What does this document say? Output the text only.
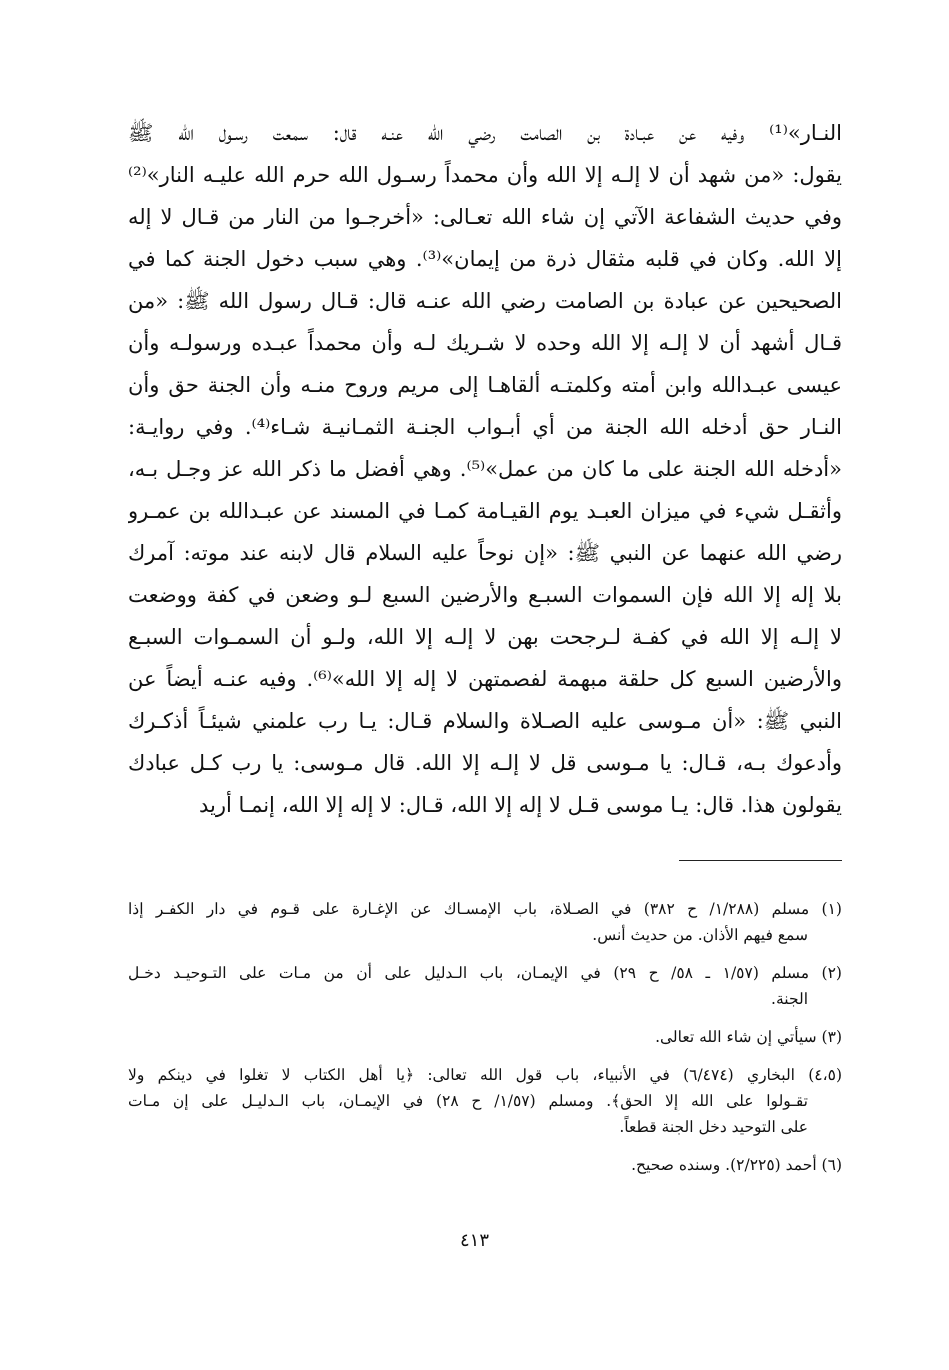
النـار»⁽¹⁾ وفيه عن عبـادة بن الصامت رضي الله عنـه قال: سمعت رسـول الله ﷺ
يقول: «من شهد أن لا إلـه إلا الله وأن محمداً رسـول الله حرم الله عليـه النار»⁽²⁾
وفي حديث الشفاعة الآتي إن شاء الله تعـالى: «أخرجـوا من النار من قـال لا إله
إلا الله. وكان في قلبه مثقال ذرة من إيمان»⁽³⁾. وهي سبب دخول الجنة كما في
الصحيحين عن عبادة بن الصامت رضي الله عنـه قال: قـال رسول الله ﷺ: «من
قـال أشهد أن لا إلـه إلا الله وحده لا شـريك لـه وأن محمداً عبـده ورسولـه وأن
عيسى عبـدالله وابن أمته وكلمتـه ألقاهـا إلى مريم وروح منـه وأن الجنة حق وأن
النـار حق أدخله الله الجنة من أي أبـواب الجنـة الثمـانيـة شـاء⁽⁴⁾. وفي روايـة:
«أدخله الله الجنة على ما كان من عمل»⁽⁵⁾. وهي أفضل ما ذكر الله عز وجـل بـه،
وأثقـل شيء في ميزان العبـد يوم القيـامة كمـا في المسند عن عبـدالله بن عمـرو
رضي الله عنهما عن النبي ﷺ: «إن نوحاً عليه السلام قال لابنه عند موته: آمرك
بلا إله إلا الله فإن السموات السبـع والأرضين السبع لـو وضعن في كفة ووضعت
لا إلـه إلا الله في كفـة لـرجحت بهن لا إلـه إلا الله، ولـو أن السمـوات السبـع
والأرضين السبع كل حلقة مبهمة لفصمتهن لا إله إلا الله»⁽⁶⁾. وفيه عنـه أيضاً عن
النبي ﷺ: «أن مـوسى عليه الصـلاة والسلام قـال: يـا رب علمني شيئـاً أذكـرك
وأدعوك بـه، قـال: يا مـوسى قل لا إلـه إلا الله. قال مـوسى: يا رب كـل عبادك
يقولون هذا. قال: يـا موسى قـل لا إله إلا الله، قـال: لا إله إلا الله، إنمـا أريد
(١) مسلم (١/٢٨٨/ ح ٣٨٢) في الصـلاة، باب الإمسـاك عن الإغـارة على قـوم في دار الكفـر إذا
سمع فيهم الأذان. من حديث أنس.
(٢) مسلم (١/٥٧ ـ ٥٨/ ح ٢٩) في الإيمـان، باب الـدليل على أن من مـات على التـوحيـد دخـل
الجنة.
(٣) سيأتي إن شاء الله تعالى.
(٤،٥) البخاري (٦/٤٧٤) في الأنبياء، باب قول الله تعالى: ﴿يا أهل الكتاب لا تغلوا في دينكم ولا
تقـولوا على الله إلا الحق﴾. ومسلم (١/٥٧/ ح ٢٨) في الإيمـان، باب الـدليـل على إن مـات
على التوحيد دخل الجنة قطعاً.
(٦) أحمد (٢/٢٢٥). وسنده صحيح.
٤١٣
